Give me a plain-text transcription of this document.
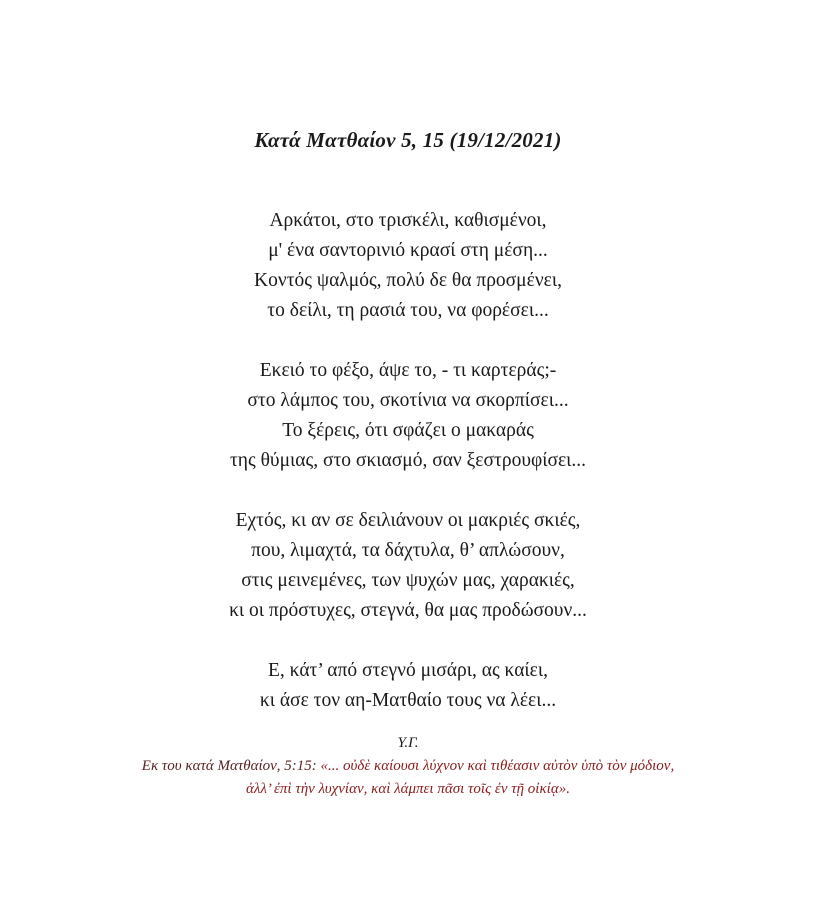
Κατά Ματθαίον 5, 15 (19/12/2021)
Αρκάτοι, στο τρισκέλι, καθισμένοι,
μ' ένα σαντορινιό κρασί στη μέση...
Κοντός ψαλμός, πολύ δε θα προσμένει,
το δείλι, τη ρασιά του, να φορέσει...
Εκειό το φέξο, άψε το, - τι καρτεράς;-
στο λάμπος του, σκοτίνια να σκορπίσει...
Το ξέρεις, ότι σφάζει ο μακαράς
της θύμιας, στο σκιασμό, σαν ξεστρουφίσει...
Εχτός, κι αν σε δειλιάνουν οι μακριές σκιές,
που, λιμαχτά, τα δάχτυλα, θ’ απλώσουν,
στις μεινεμένες, των ψυχών μας, χαρακιές,
κι οι πρόστυχες, στεγνά, θα μας προδώσουν...
Ε, κάτ’ από στεγνό μισάρι, ας καίει,
κι άσε τον αη-Ματθαίο τους να λέει...
Υ.Γ.
Εκ του κατά Ματθαίον, 5:15: «... οὐδὲ καίουσι λύχνον καὶ τιθέασιν αὐτὸν ὑπὸ τὸν μόδιον,
ἀλλ’ ἐπὶ τὴν λυχνίαν, καὶ λάμπει πᾶσι τοῖς ἐν τῇ οἰκίᾳ».
